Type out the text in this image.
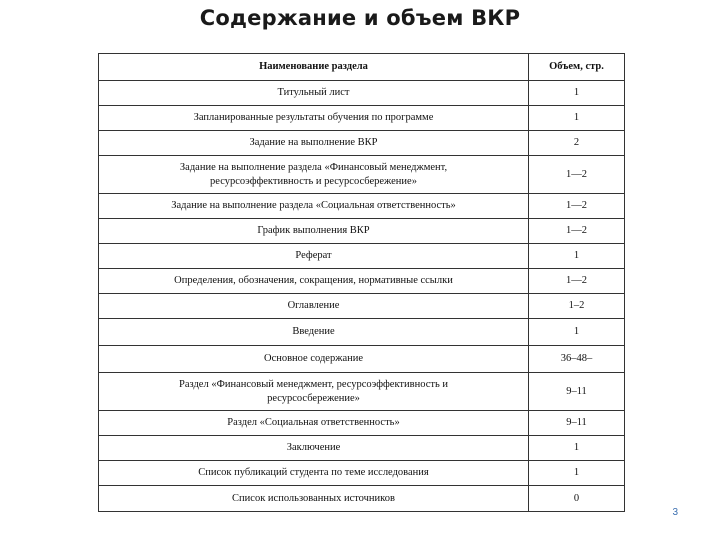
Содержание и объем ВКР
Наименование раздела	Объем, стр.
Титульный лист	1
Запланированные результаты обучения по программе	1
Задание на выполнение ВКР	2
Задание на выполнение раздела «Финансовый менеджмент, ресурсоэффективность и ресурсосбережение»	1—2
Задание на выполнение раздела «Социальная ответственность»	1—2
График выполнения ВКР	1—2
Реферат	1
Определения, обозначения, сокращения, нормативные ссылки	1—2
Оглавление	1–2
Введение	1
Основное содержание	36–48–
Раздел «Финансовый менеджмент, ресурсоэффективность и ресурсосбережение»	9–11
Раздел «Социальная ответственность»	9–11
Заключение	1
Список публикаций студента по теме исследования	1
Список использованных источников	0
3
